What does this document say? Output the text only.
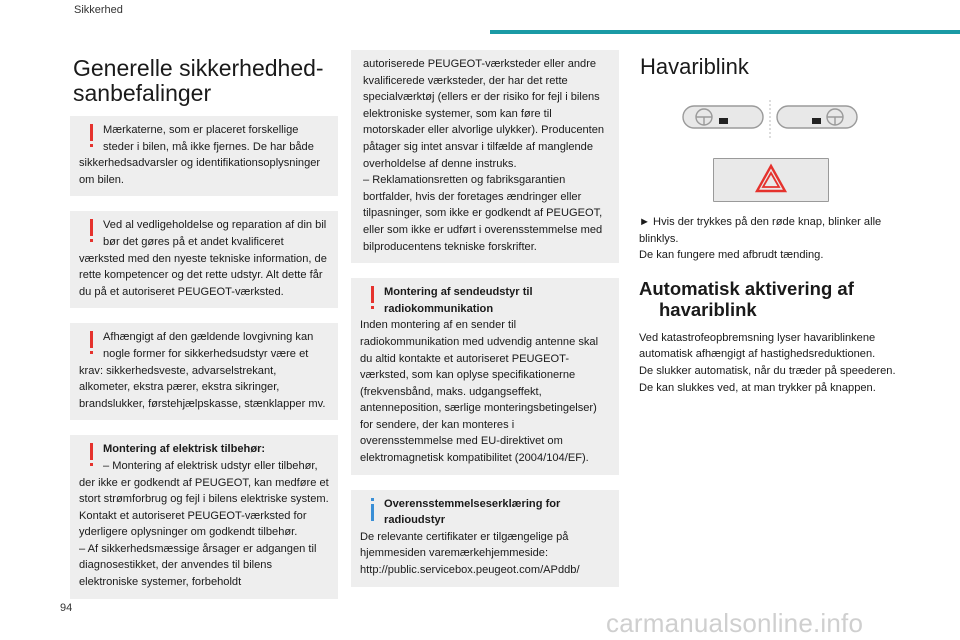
Sikkerhed
Generelle sikkerhedhed-
sanbefalinger

Mærkaterne, som er placeret forskellige steder i bilen, må ikke fjernes. De har både sikkerhedsadvarsler og identifikationsoplysninger om bilen.

Ved al vedligeholdelse og reparation af din bil bør det gøres på et andet kvalificeret værksted med den nyeste tekniske information, de rette kompetencer og det rette udstyr. Alt dette får du på et autoriseret PEUGEOT-værksted.

Afhængigt af den gældende lovgivning kan nogle former for sikkerhedsudstyr være et krav: sikkerhedsveste, advarselstrekant, alkometer, ekstra pærer, ekstra sikringer, brandslukker, førstehjælpskasse, stænklapper mv.

Montering af elektrisk tilbehør:

– Montering af elektrisk udstyr eller tilbehør, der ikke er godkendt af PEUGEOT, kan medføre et stort strømforbrug og fejl i bilens elektriske system. Kontakt et autoriseret PEUGEOT-værksted for yderligere oplysninger om godkendt tilbehør.
– Af sikkerhedsmæssige årsager er adgangen til diagnosestikket, der anvendes til bilens elektroniske systemer, forbeholdt

autoriserede PEUGEOT-værksteder eller andre kvalificerede værksteder, der har det rette specialværktøj (ellers er der risiko for fejl i bilens elektroniske systemer, som kan føre til motorskader eller alvorlige ulykker). Producenten påtager sig intet ansvar i tilfælde af manglende overholdelse af denne instruks.
– Reklamationsretten og fabriksgarantien bortfalder, hvis der foretages ændringer eller tilpasninger, som ikke er godkendt af PEUGEOT, eller som ikke er udført i overensstemmelse med bilproducentens tekniske forskrifter.

Montering af sendeudstyr til radiokommunikation

Inden montering af en sender til radiokommunikation med udvendig antenne skal du altid kontakte et autoriseret PEUGEOT-værksted, som kan oplyse specifikationerne (frekvensbånd, maks. udgangseffekt, antenneposition, særlige monteringsbetingelser) for sendere, der kan monteres i overensstemmelse med EU-direktivet om elektromagnetisk kompatibilitet (2004/104/EF).

Overensstemmelseserklæring for radioudstyr

De relevante certifikater er tilgængelige på hjemmesiden varemærkehjemmeside:
http://public.servicebox.peugeot.com/APddb/

Havariblink

► Hvis der trykkes på den røde knap, blinker alle blinklys.
De kan fungere med afbrudt tænding.

Automatisk aktivering af
havariblink

Ved katastrofeopbremsning lyser havariblinkene automatisk afhængigt af hastighedsreduktionen.
De slukker automatisk, når du træder på speederen.
De kan slukkes ved, at man trykker på knappen.

94	carmanualsonline.info
